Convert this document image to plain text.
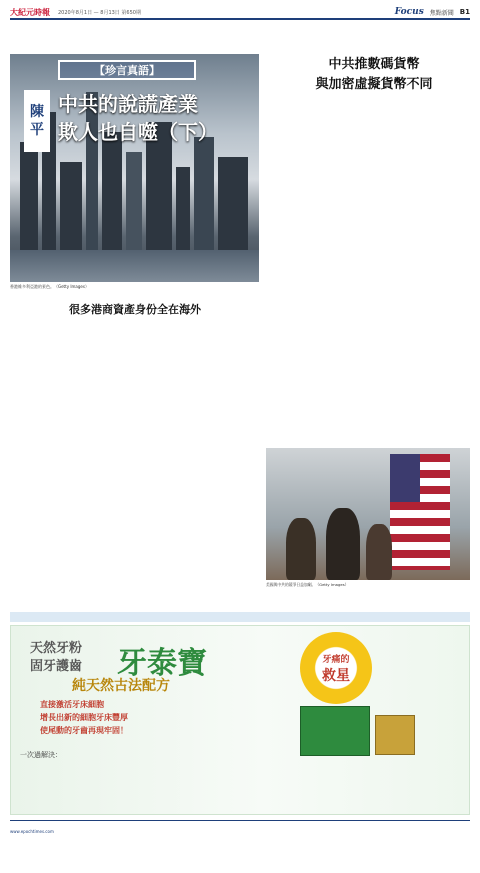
大紀元時報 2020年8月1日 — 8月13日 第650期	Focus 焦點新聞 B1
【珍言真語】
陳
平
中共的說謊產業
欺人也自噬（下）
香港維多利亞港的景色。（Getty Images）
很多港商資產身份全在海外
中共推數碼貨幣
與加密虛擬貨幣不同
美國與中共的競爭日益加劇。（Getty Images）
天然牙粉
固牙護齒 牙泰寶
純天然古法配方
直接激活牙床細胞
增長出新的細胞牙床豐厚
使尾動的牙齒再現牢固！
一次過解決：
牙痛的
救星
www.epochtimes.com
